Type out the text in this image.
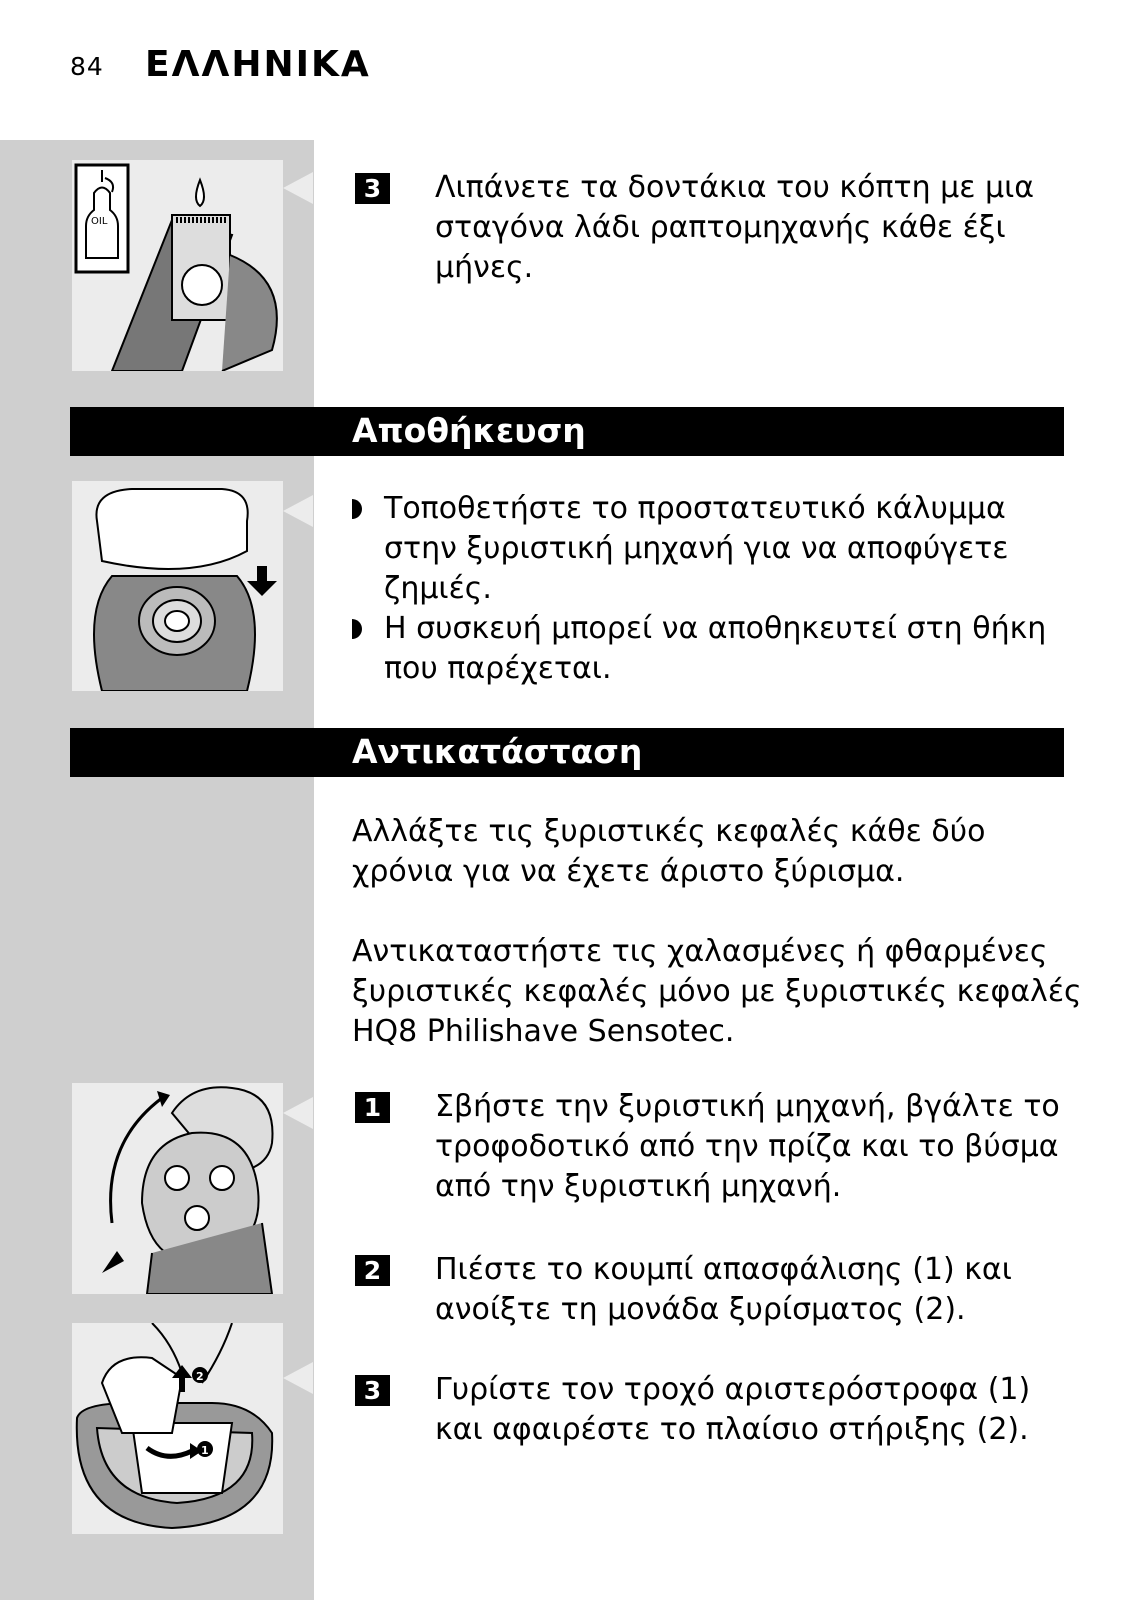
84 ΕΛΛΗΝΙΚΑ
OIL
3 Λιπάνετε τα δοντάκια του κόπτη με μια σταγόνα λάδι ραπτομηχανής κάθε έξι μήνες.
Αποθήκευση
Τοποθετήστε το προστατευτικό κάλυμμα στην ξυριστική μηχανή για να αποφύγετε ζημιές.
Η συσκευή μπορεί να αποθηκευτεί στη θήκη που παρέχεται.
Αντικατάσταση
Αλλάξτε τις ξυριστικές κεφαλές κάθε δύο χρόνια για να έχετε άριστο ξύρισμα.
Αντικαταστήστε τις χαλασμένες ή φθαρμένες ξυριστικές κεφαλές μόνο με ξυριστικές κεφαλές HQ8 Philishave Sensotec.
1 Σβήστε την ξυριστική μηχανή, βγάλτε το τροφοδοτικό από την πρίζα και το βύσμα από την ξυριστική μηχανή.
2 Πιέστε το κουμπί απασφάλισης (1) και ανοίξτε τη μονάδα ξυρίσματος (2).
2
1
3 Γυρίστε τον τροχό αριστερόστροφα (1) και αφαιρέστε το πλαίσιο στήριξης (2).
